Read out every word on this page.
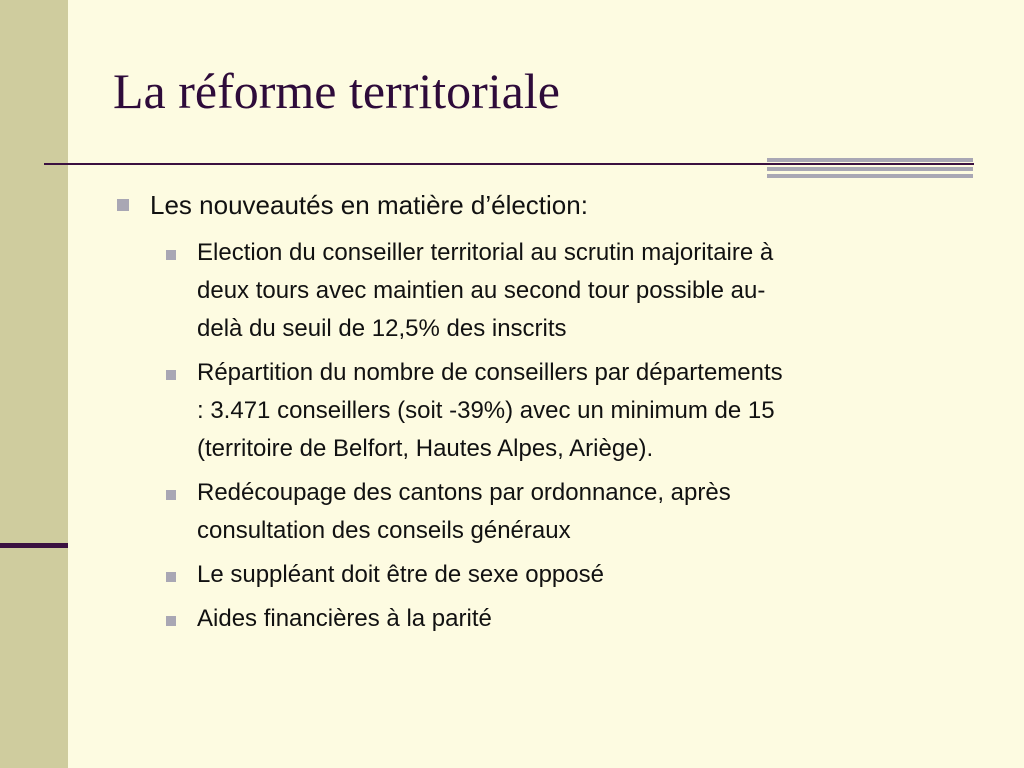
La réforme territoriale
Les nouveautés en matière d’élection:
Election du conseiller territorial au scrutin majoritaire à
deux tours avec maintien au second tour possible au-
delà du seuil de 12,5% des inscrits
Répartition du nombre de conseillers par départements
: 3.471 conseillers (soit -39%) avec un minimum de 15
(territoire de Belfort, Hautes Alpes, Ariège).
Redécoupage des cantons par ordonnance, après
consultation des conseils généraux
Le suppléant doit être de sexe opposé
Aides financières à la parité
